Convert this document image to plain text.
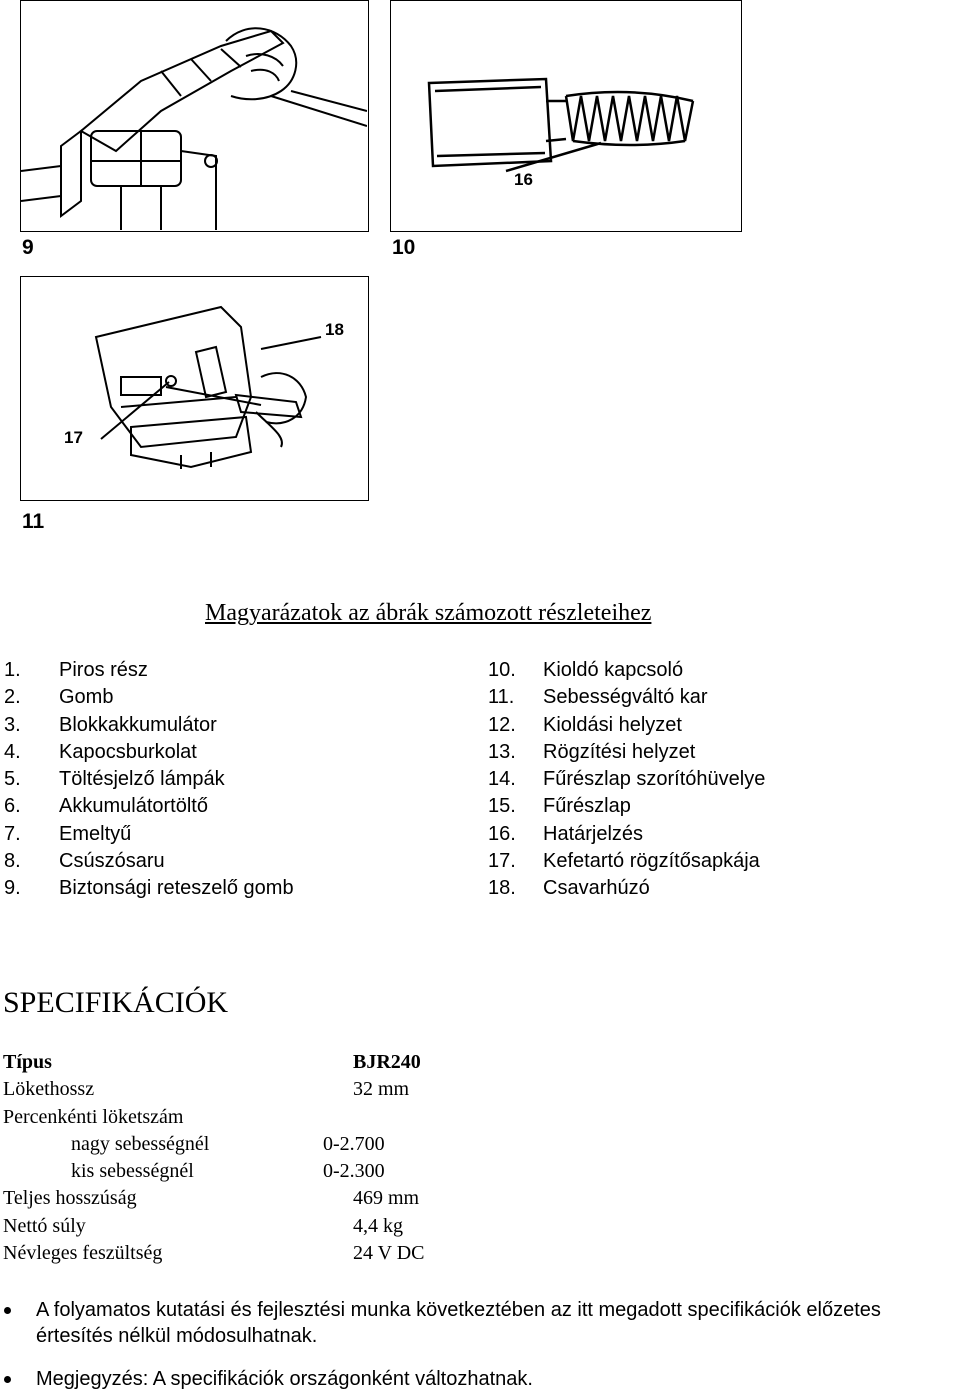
9
16
10
18
17
11
Magyarázatok az ábrák számozott részleteihez
1.	Piros rész
2.	Gomb
3.	Blokkakkumulátor
4.	Kapocsburkolat
5.	Töltésjelző lámpák
6.	Akkumulátortöltő
7.	Emeltyű
8.	Csúszósaru
9.	Biztonsági reteszelő gomb
10.	Kioldó kapcsoló
11.	Sebességváltó kar
12.	Kioldási helyzet
13.	Rögzítési helyzet
14.	Fűrészlap szorítóhüvelye
15.	Fűrészlap
16.	Határjelzés
17.	Kefetartó rögzítősapkája
18.	Csavarhúzó
SPECIFIKÁCIÓK
Típus	BJR240
Lökethossz	32 mm
Percenkénti löketszám
nagy sebességnél	0-2.700
kis sebességnél	0-2.300
Teljes hosszúság	469 mm
Nettó súly	4,4 kg
Névleges feszültség	24 V DC
A folyamatos kutatási és fejlesztési munka következtében az itt megadott specifikációk előzetes értesítés nélkül módosulhatnak.
Megjegyzés: A specifikációk országonként változhatnak.
